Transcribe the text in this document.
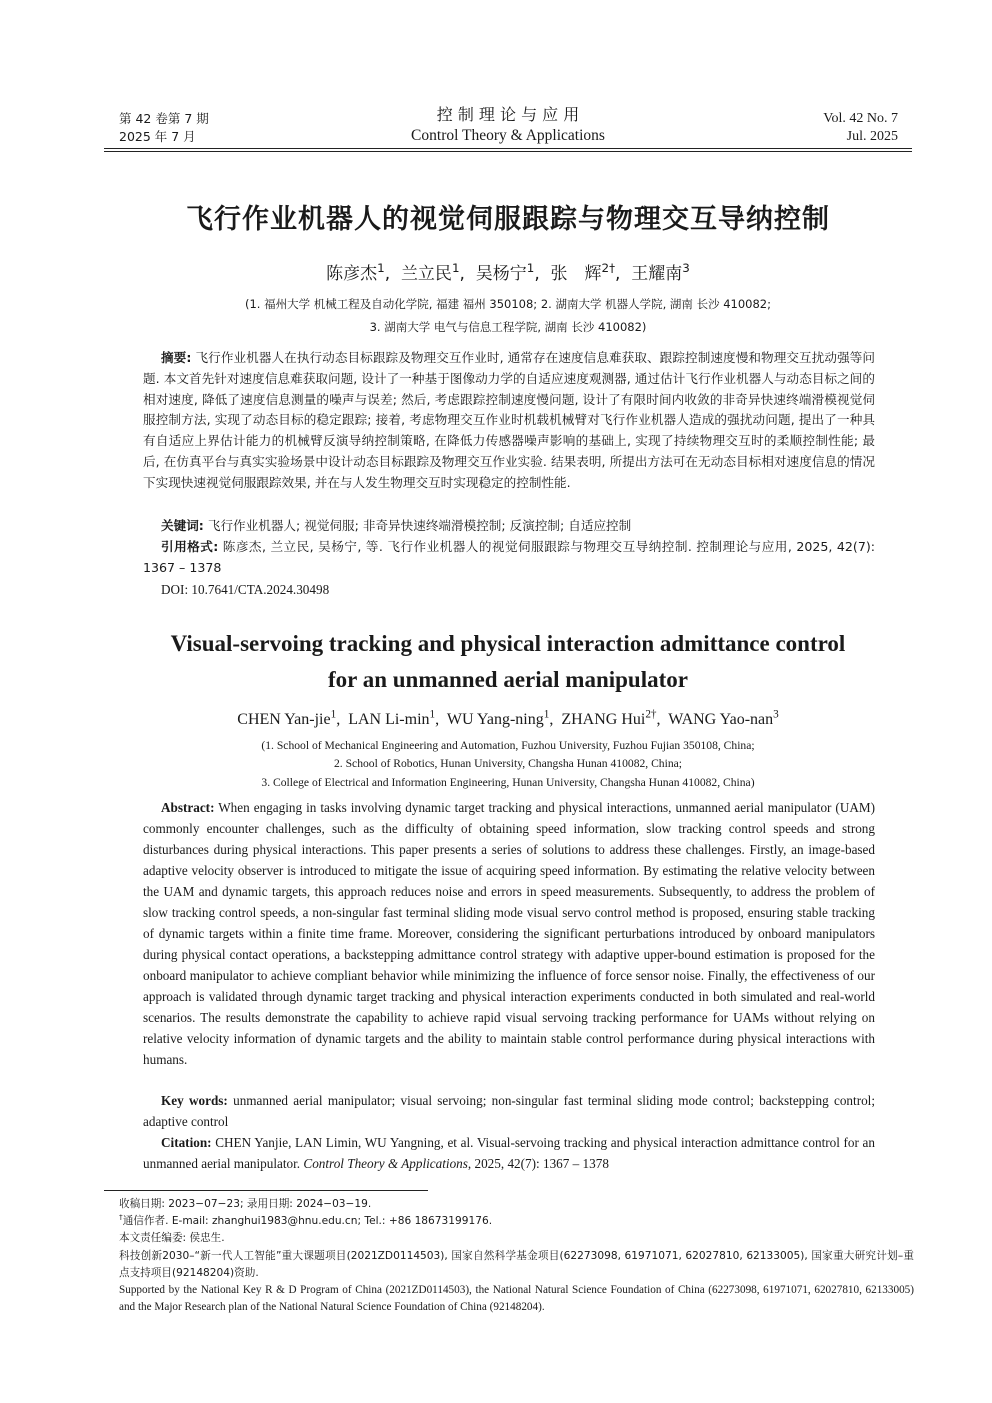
第 42 卷第 7 期
2025 年 7 月
控 制 理 论 与 应 用
Control Theory & Applications
Vol. 42 No. 7
Jul. 2025
飞行作业机器人的视觉伺服跟踪与物理交互导纳控制
陈彦杰$^1$,  兰立民$^1$,  吴杨宁$^1$,  张　辉$^{2\dagger}$,  王耀南$^3$
(1. 福州大学 机械工程及自动化学院, 福建 福州 350108; 2. 湖南大学 机器人学院, 湖南 长沙 410082;
3. 湖南大学 电气与信息工程学院, 湖南 长沙 410082)
摘要: 飞行作业机器人在执行动态目标跟踪及物理交互作业时, 通常存在速度信息难获取、跟踪控制速度慢和物理交互扰动强等问题. 本文首先针对速度信息难获取问题, 设计了一种基于图像动力学的自适应速度观测器, 通过估计飞行作业机器人与动态目标之间的相对速度, 降低了速度信息测量的噪声与误差; 然后, 考虑跟踪控制速度慢问题, 设计了有限时间内收敛的非奇异快速终端滑模视觉伺服控制方法, 实现了动态目标的稳定跟踪; 接着, 考虑物理交互作业时机载机械臂对飞行作业机器人造成的强扰动问题, 提出了一种具有自适应上界估计能力的机械臂反演导纳控制策略, 在降低力传感器噪声影响的基础上, 实现了持续物理交互时的柔顺控制性能; 最后, 在仿真平台与真实实验场景中设计动态目标跟踪及物理交互作业实验. 结果表明, 所提出方法可在无动态目标相对速度信息的情况下实现快速视觉伺服跟踪效果, 并在与人发生物理交互时实现稳定的控制性能.
关键词: 飞行作业机器人; 视觉伺服; 非奇异快速终端滑模控制; 反演控制; 自适应控制
引用格式: 陈彦杰, 兰立民, 吴杨宁, 等. 飞行作业机器人的视觉伺服跟踪与物理交互导纳控制. 控制理论与应用, 2025, 42(7): 1367 – 1378
DOI: 10.7641/CTA.2024.30498
Visual-servoing tracking and physical interaction admittance control
for an unmanned aerial manipulator
CHEN Yan-jie$^1$,  LAN $Li-\min^1$,  WU Yang-ning$^1$,  ZHANG Hui$^{2\dagger}$,  WANG Yao-nan$^3$
(1. School of Mechanical Engineering and Automation, Fuzhou University, Fuzhou Fujian 350108, China;
2. School of Robotics, Hunan University, Changsha Hunan 410082, China;
3. College of Electrical and Information Engineering, Hunan University, Changsha Hunan 410082, China)
Abstract: When engaging in tasks involving dynamic target tracking and physical interactions, unmanned aerial manipulator (UAM) commonly encounter challenges, such as the difficulty of obtaining speed information, slow tracking control speeds and strong disturbances during physical interactions. This paper presents a series of solutions to address these challenges. Firstly, an image-based adaptive velocity observer is introduced to mitigate the issue of acquiring speed information. By estimating the relative velocity between the UAM and dynamic targets, this approach reduces noise and errors in speed measurements. Subsequently, to address the problem of slow tracking control speeds, a non-singular fast terminal sliding mode visual servo control method is proposed, ensuring stable tracking of dynamic targets within a finite time frame. Moreover, considering the significant perturbations introduced by onboard manipulators during physical contact operations, a backstepping admittance control strategy with adaptive upper-bound estimation is proposed for the onboard manipulator to achieve compliant behavior while minimizing the influence of force sensor noise. Finally, the effectiveness of our approach is validated through dynamic target tracking and physical interaction experiments conducted in both simulated and real-world scenarios. The results demonstrate the capability to achieve rapid visual servoing tracking performance for UAMs without relying on relative velocity information of dynamic targets and the ability to maintain stable control performance during physical interactions with humans.
Key words: unmanned aerial manipulator; visual servoing; non-singular fast terminal sliding mode control; backstepping control; adaptive control
Citation: CHEN Yanjie, LAN Limin, WU Yangning, et al. Visual-servoing tracking and physical interaction admittance control for an unmanned aerial manipulator. Control Theory & Applications, 2025, 42(7): 1367 – 1378
收稿日期: 2023−07−23; 录用日期: 2024−03−19.
†通信作者. E-mail: zhanghui1983@hnu.edu.cn; Tel.: +86 18673199176.
本文责任编委: 侯忠生.
科技创新2030–“新一代人工智能”重大课题项目(2021ZD0114503), 国家自然科学基金项目(62273098, 61971071, 62027810, 62133005), 国家重大研究计划–重点支持项目(92148204)资助.
Supported by the National Key R & D Program of China (2021ZD0114503), the National Natural Science Foundation of China (62273098, 61971071, 62027810, 62133005) and the Major Research plan of the National Natural Science Foundation of China (92148204).
